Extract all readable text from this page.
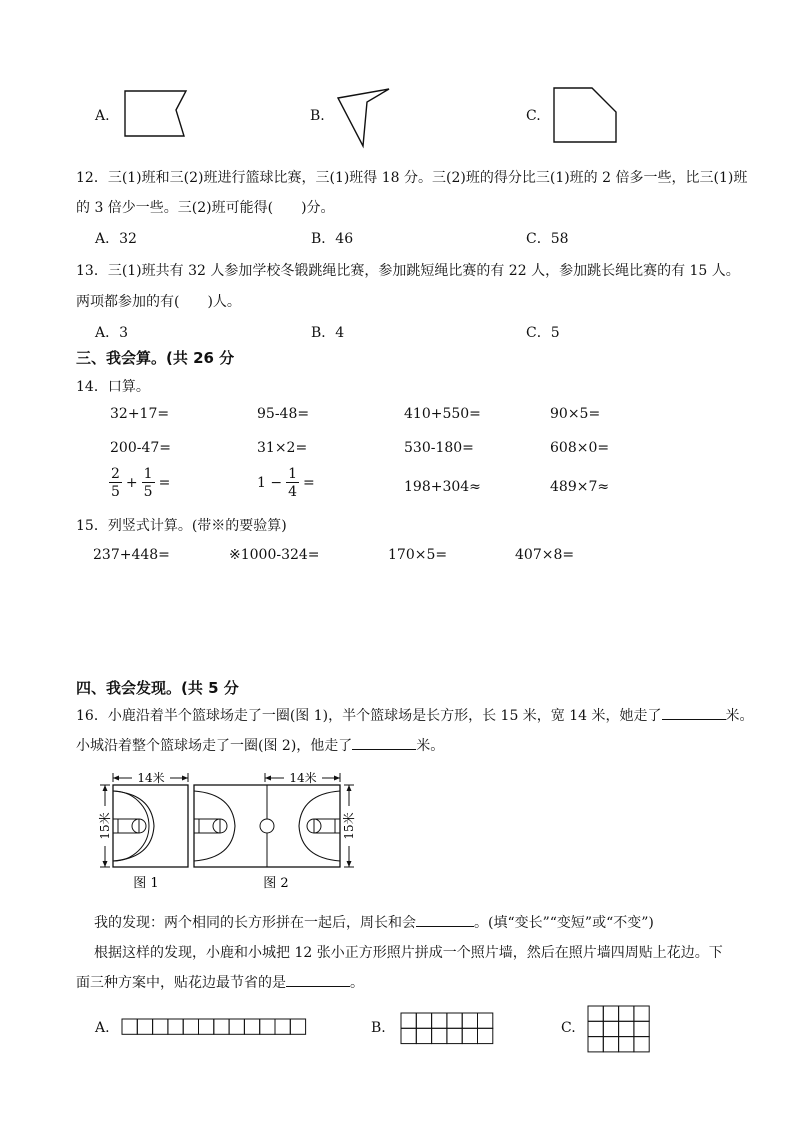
A.	B.	C.
12．三(1)班和三(2)班进行篮球比赛，三(1)班得 18 分。三(2)班的得分比三(1)班的 2 倍多一些，比三(1)班
的 3 倍少一些。三(2)班可能得(　　)分。
A．32	B．46	C．58
13．三(1)班共有 32 人参加学校冬锻跳绳比赛，参加跳短绳比赛的有 22 人，参加跳长绳比赛的有 15 人。
两项都参加的有(　　)人。
A．3	B．4	C．5
三、我会算。(共 26 分
14．口算。
32+17=	95-48=	410+550=	90×5=
200-47=	31×2=	530-180=	608×0=
$\frac{2}{5} + \frac{1}{5}$ =	$1 - \frac{1}{4}$ =	198+304≈	489×7≈
15．列竖式计算。(带※的要验算)
237+448=	※1000-324=	170×5=	407×8=
四、我会发现。(共 5 分
16．小鹿沿着半个篮球场走了一圈(图 1)，半个篮球场是长方形，长 15 米，宽 14 米，她走了	米。
小城沿着整个篮球场走了一圈(图 2)，他走了	米。
14米
15米
图 1
14米
15米
图 2
我的发现：两个相同的长方形拼在一起后，周长和会	。(填“变长”“变短”或“不变”)
根据这样的发现，小鹿和小城把 12 张小正方形照片拼成一个照片墙，然后在照片墙四周贴上花边。下
面三种方案中，贴花边最节省的是	。
A.	B.	C.
